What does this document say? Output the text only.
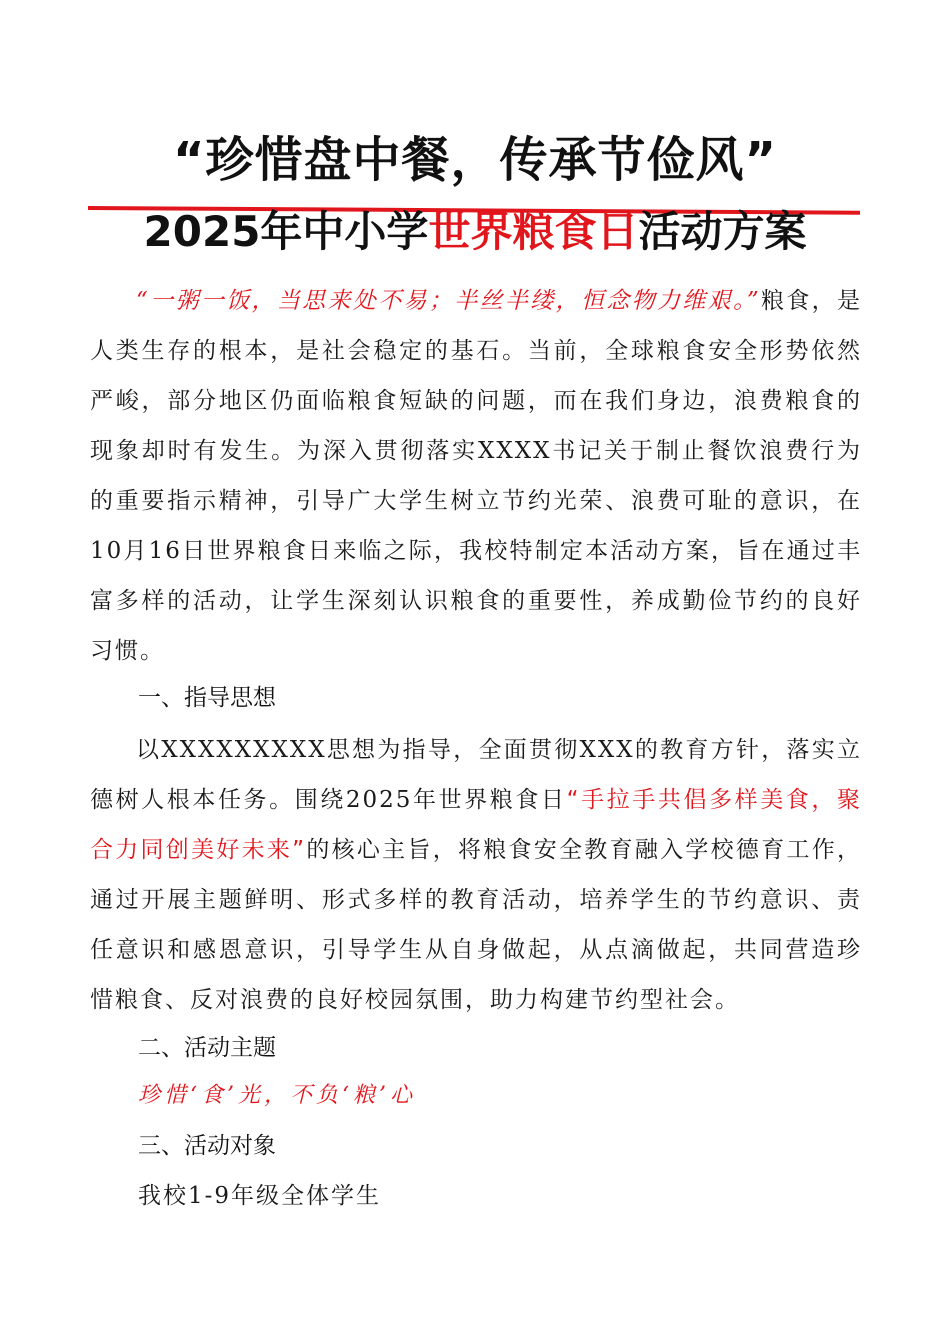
“珍惜盘中餐，传承节俭风”
2025年中小学世界粮食日活动方案
“一粥一饭，当思来处不易；半丝半缕，恒念物力维艰。”粮食，是人类生存的根本，是社会稳定的基石。当前，全球粮食安全形势依然严峻，部分地区仍面临粮食短缺的问题，而在我们身边，浪费粮食的现象却时有发生。为深入贯彻落实XXXX书记关于制止餐饮浪费行为的重要指示精神，引导广大学生树立节约光荣、浪费可耻的意识，在10月16日世界粮食日来临之际，我校特制定本活动方案，旨在通过丰富多样的活动，让学生深刻认识粮食的重要性，养成勤俭节约的良好习惯。
一、指导思想
以XXXXXXXXX思想为指导，全面贯彻XXX的教育方针，落实立德树人根本任务。围绕2025年世界粮食日“手拉手共倡多样美食，聚合力同创美好未来”的核心主旨，将粮食安全教育融入学校德育工作，通过开展主题鲜明、形式多样的教育活动，培养学生的节约意识、责任意识和感恩意识，引导学生从自身做起，从点滴做起，共同营造珍惜粮食、反对浪费的良好校园氛围，助力构建节约型社会。
二、活动主题
珍惜‘食’光，不负‘粮’心
三、活动对象
我校1-9年级全体学生
